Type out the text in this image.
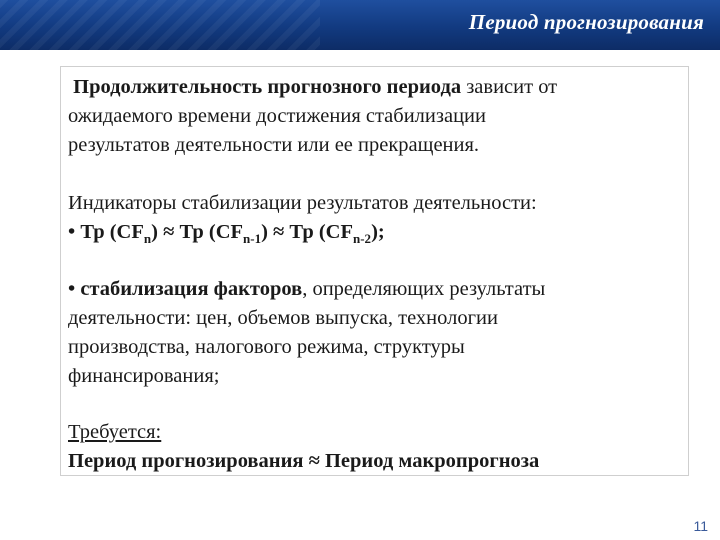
Период прогнозирования
Продолжительность прогнозного периода зависит от
ожидаемого времени достижения стабилизации
результатов деятельности или ее прекращения.
Индикаторы стабилизации результатов деятельности:
• Тр $(CF_n)$ ≈ Тр $(CF_{n-1})$ ≈ Тр $(CF_{n-2})$;
• стабилизация факторов, определяющих результаты
деятельности: цен, объемов выпуска, технологии
производства, налогового режима, структуры
финансирования;
Требуется:
Период прогнозирования ≈ Период макропрогноза
11
